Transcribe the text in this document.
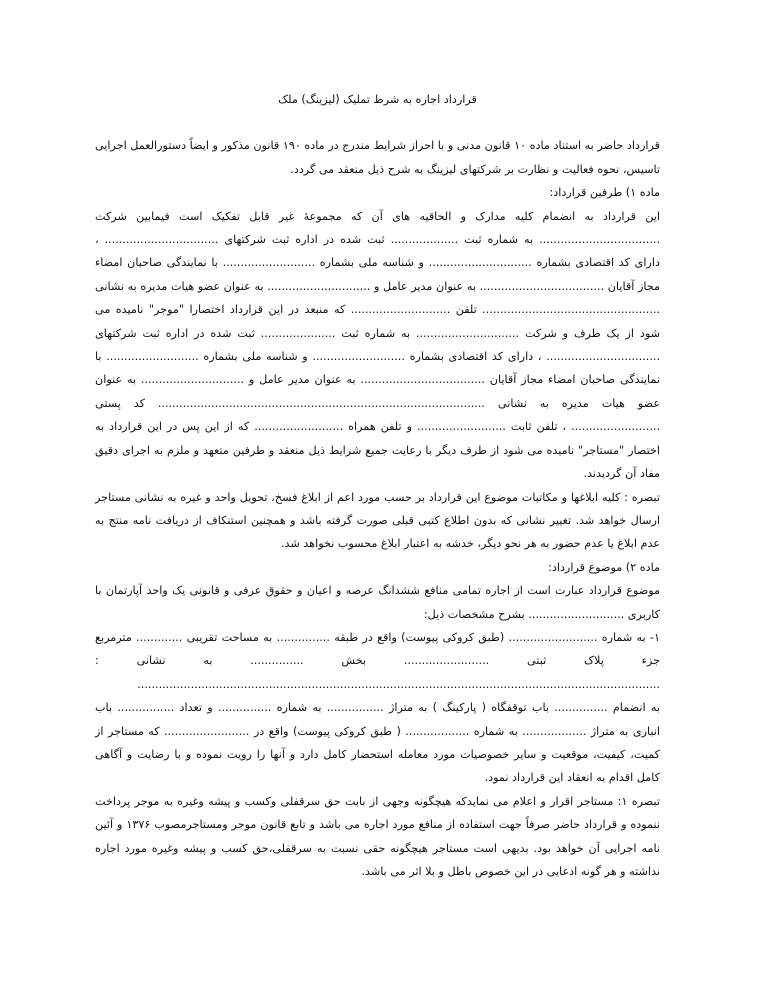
قرارداد اجاره به شرط تملیک (لیزینگ) ملک

قرارداد حاضر به استناد ماده ۱۰ قانون مدنی و با احراز شرایط مندرج در ماده ۱۹۰ قانون مذکور و ایضاً دستورالعمل اجرایی تاسیس، نحوه فعالیت و نظارت بر شرکتهای لیزینگ به شرح ذیل منعقد می گردد.

ماده ۱) طرفین قرارداد:

این قرارداد به انضمام کلیه مدارک و الحاقیه های آن که مجموعهٔ غیر قابل تفکیک است فیمابین شرکت .................................. به شماره ثبت ................... ثبت شده در اداره ثبت شرکتهای ................................ ، دارای کد اقتصادی بشماره ............................. و شناسه ملی بشماره .......................... با نمایندگی صاحبان امضاء مجاز آقایان ................................... به عنوان مدیر عامل و ............................. به عنوان عضو هیات مدیره به نشانی .................................................. تلفن ............................ که منبعد در این قرارداد اختصارا "موجر" نامیده می شود از یک طرف و شرکت ............................. به شماره ثبت ..................... ثبت شده در اداره ثبت شرکتهای ................................ ، دارای کد اقتصادی بشماره .......................... و شناسه ملی بشماره .......................... با نمایندگی صاحبان امضاء مجاز آقایان ................................... به عنوان مدیر عامل و ............................. به عنوان عضو هیات مدیره به نشانی ............................................................................................ کد پستی ......................... ، تلفن ثابت ......................... و تلفن همراه ......................... که از این پس در این قرارداد به اختصار "مستاجر" نامیده می شود از طرف دیگر با رعایت جمیع شرایط ذیل منعقد و طرفین متعهد و ملزم به اجرای دقیق مفاد آن گردیدند.

تبصره : کلیه ابلاغها و مکاتبات موضوع این قرارداد بر حسب مورد اعم از ابلاغ فسخ، تحویل واحد و غیره به نشانی مستاجر ارسال خواهد شد. تغییر نشانی که بدون اطلاع کتبی قبلی صورت گرفته باشد و همچنین استنکاف از دریافت نامه منتج به عدم ابلاغ یا عدم حضور به هر نحو دیگر، خدشه به اعتبار ابلاغ محسوب نخواهد شد.

ماده ۲) موضوع قرارداد:

موضوع قرارداد عبارت است از اجاره تمامی منافع ششدانگ عرصه و اعیان و حقوق عرفی و قانونی یک واحد آپارتمان با کاربری ........................... بشرح مشخصات ذیل:

۱- به شماره ......................... (طبق کروکی پیوست) واقع در طبقه ............... به مساحت تقریبی ............. مترمربع جزء پلاک ثبتی ........................ بخش ............... به نشانی : ...................................................................................................................................................

به انضمام ............... باب توقفگاه ( پارکینگ ) به متراژ ................ به شماره ............... و تعداد ................ باب انباری به متراژ .................. به شماره .................. ( طبق کروکی پیوست) واقع در ........................ که مستاجر از کمیت، کیفیت، موقعیت و سایر خصوصیات مورد معامله استحضار کامل دارد و آنها را رویت نموده و با رضایت و آگاهی کامل اقدام به انعقاد این قرارداد نمود.

تبصره ۱: مستاجر اقرار و اعلام می نمایدکه هیچگونه وجهی از بابت حق سرقفلی وکسب و پیشه وغیره به موجر پرداخت ننموده و قرارداد حاضر صرفاً جهت استفاده از منافع مورد اجاره می باشد و تابع قانون موجر ومستاجرمصوب ۱۳۷۶ و آئین نامه اجرایی آن خواهد بود. بدیهی است مستاجر هیچگونه حقی نسبت به سرقفلی،حق کسب و پیشه وغیره مورد اجاره نداشته و هر گونه ادعایی در این خصوص باطل و بلا اثر می باشد.
